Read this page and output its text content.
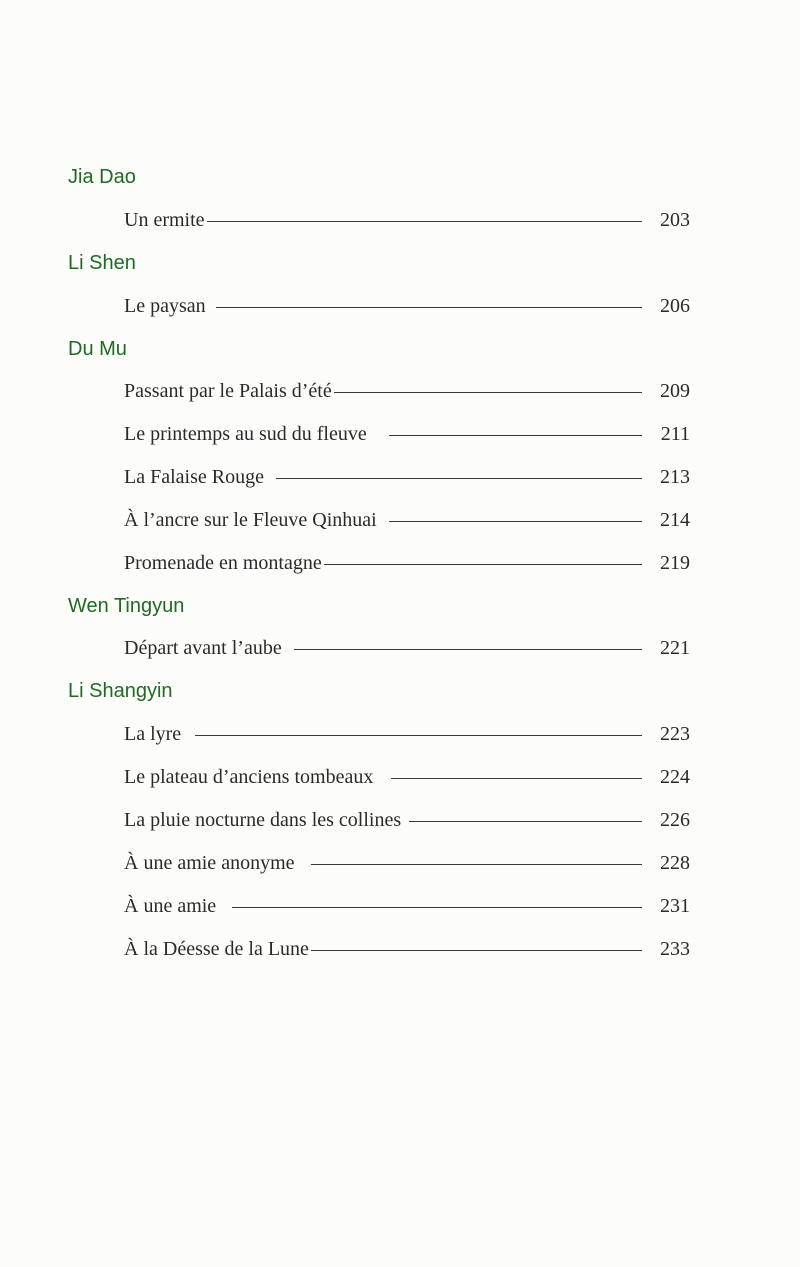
Jia Dao
Un ermite	203
Li Shen
Le paysan	206
Du Mu
Passant par le Palais d’été	209
Le printemps au sud du fleuve	211
La Falaise Rouge	213
À l’ancre sur le Fleuve Qinhuai	214
Promenade en montagne	219
Wen Tingyun
Départ avant l’aube	221
Li Shangyin
La lyre	223
Le plateau d’anciens tombeaux	224
La pluie nocturne dans les collines	226
À une amie anonyme	228
À une amie	231
À la Déesse de la Lune	233
